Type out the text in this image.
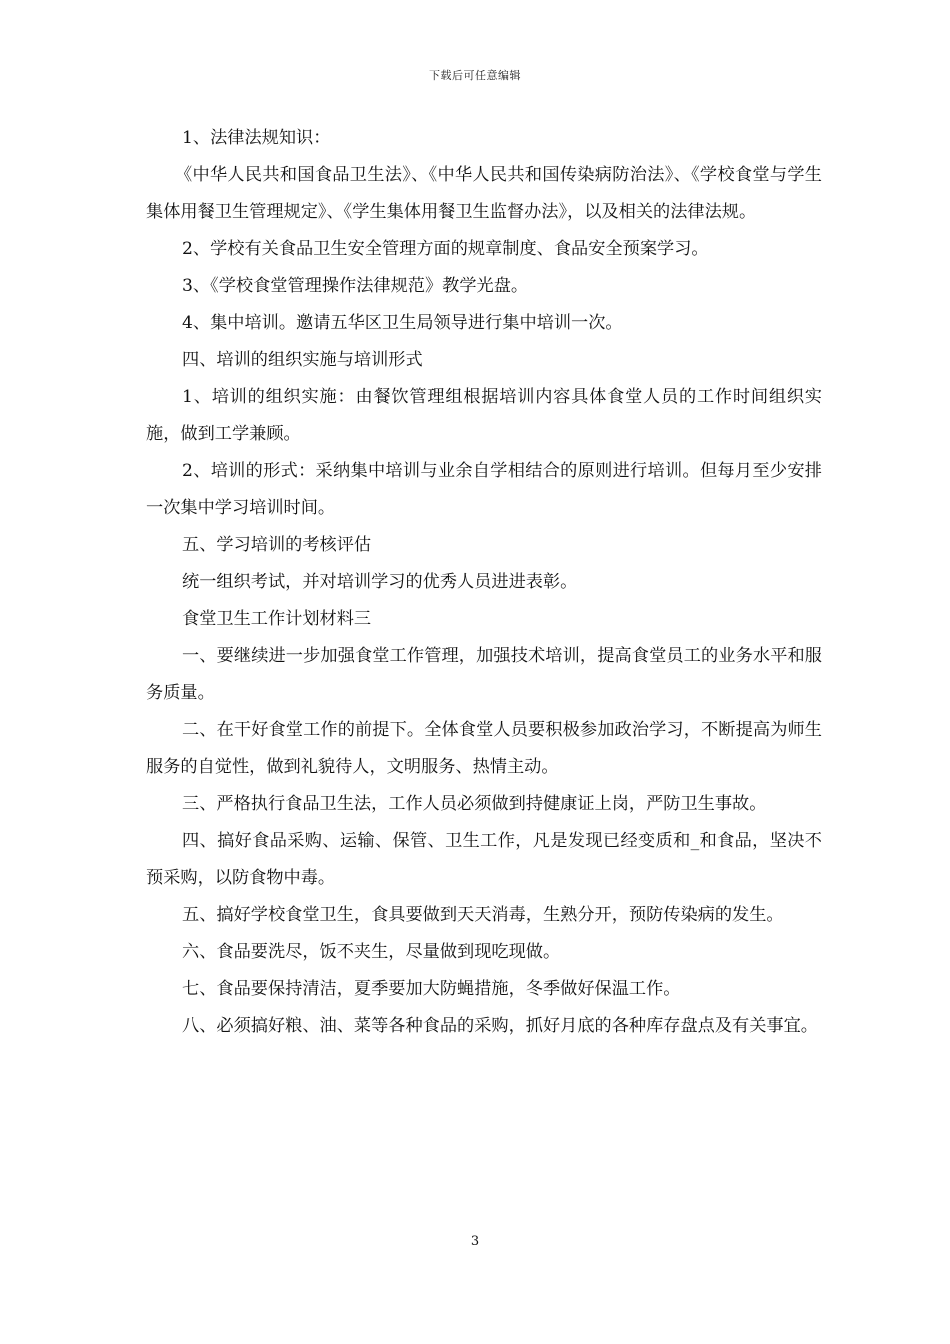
下载后可任意编辑

1、法律法规知识：

《中华人民共和国食品卫生法》、《中华人民共和国传染病防治法》、《学校食堂与学生集体用餐卫生管理规定》、《学生集体用餐卫生监督办法》，以及相关的法律法规。

2、学校有关食品卫生安全管理方面的规章制度、食品安全预案学习。

3、《学校食堂管理操作法律规范》教学光盘。

4、集中培训。邀请五华区卫生局领导进行集中培训一次。

四、培训的组织实施与培训形式

1、培训的组织实施：由餐饮管理组根据培训内容具体食堂人员的工作时间组织实施，做到工学兼顾。

2、培训的形式：采纳集中培训与业余自学相结合的原则进行培训。但每月至少安排一次集中学习培训时间。

五、学习培训的考核评估

统一组织考试，并对培训学习的优秀人员进进表彰。

食堂卫生工作计划材料三

一、要继续进一步加强食堂工作管理，加强技术培训，提高食堂员工的业务水平和服务质量。

二、在干好食堂工作的前提下。全体食堂人员要积极参加政治学习，不断提高为师生服务的自觉性，做到礼貌待人，文明服务、热情主动。

三、严格执行食品卫生法，工作人员必须做到持健康证上岗，严防卫生事故。

四、搞好食品采购、运输、保管、卫生工作，凡是发现已经变质和_和食品，坚决不预采购，以防食物中毒。

五、搞好学校食堂卫生，食具要做到天天消毒，生熟分开，预防传染病的发生。

六、食品要洗尽，饭不夹生，尽量做到现吃现做。

七、食品要保持清洁，夏季要加大防蝇措施，冬季做好保温工作。

八、必须搞好粮、油、菜等各种食品的采购，抓好月底的各种库存盘点及有关事宜。

3
